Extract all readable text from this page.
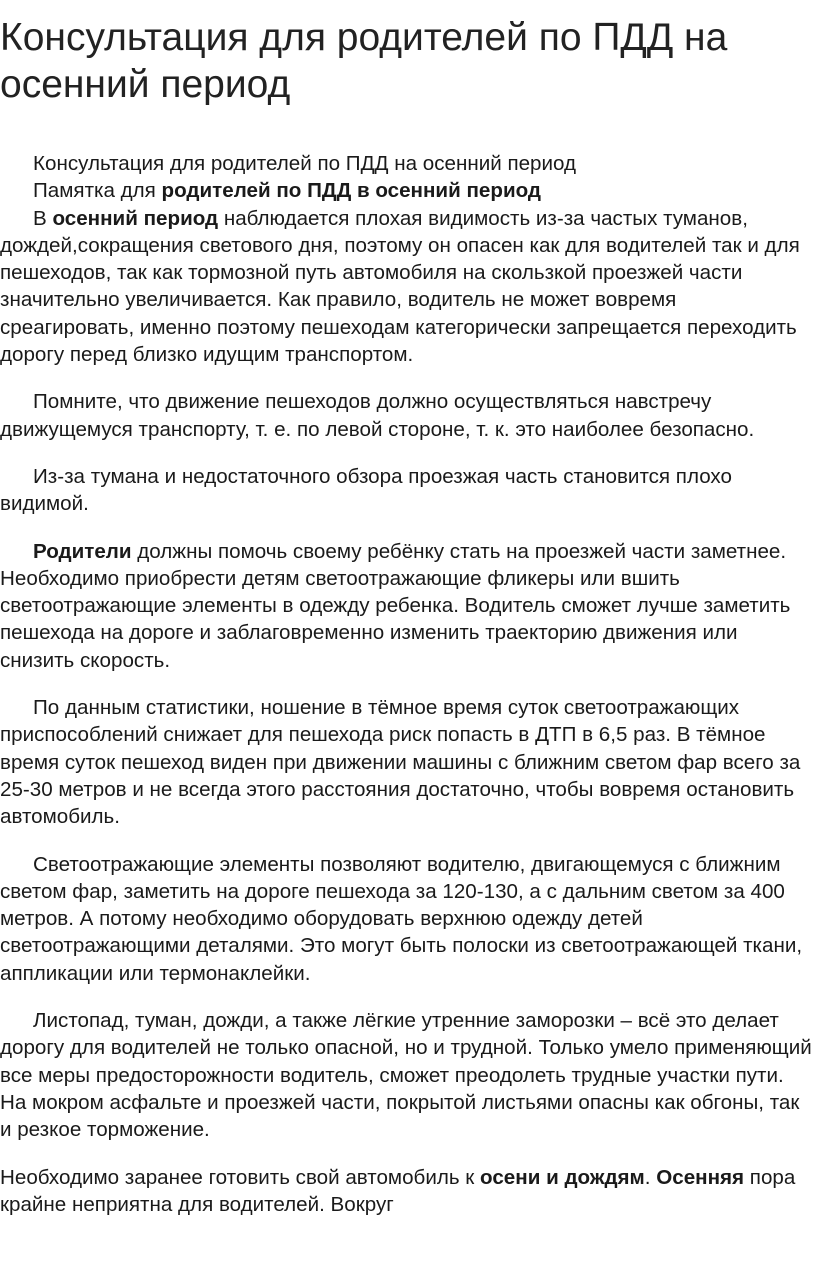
Консультация для родителей по ПДД на осенний период

Консультация для родителей по ПДД на осенний период

Памятка для родителей по ПДД в осенний период

В осенний период наблюдается плохая видимость из-за частых туманов, дождей,сокращения светового дня, поэтому он опасен как для водителей так и для пешеходов, так как тормозной путь автомобиля на скользкой проезжей части значительно увеличивается. Как правило, водитель не может вовремя среагировать, именно поэтому пешеходам категорически запрещается переходить дорогу перед близко идущим транспортом.

Помните, что движение пешеходов должно осуществляться навстречу движущемуся транспорту, т. е. по левой стороне, т. к. это наиболее безопасно.

Из-за тумана и недостаточного обзора проезжая часть становится плохо видимой.

Родители должны помочь своему ребёнку стать на проезжей части заметнее. Необходимо приобрести детям светоотражающие фликеры или вшить светоотражающие элементы в одежду ребенка. Водитель сможет лучше заметить пешехода на дороге и заблаговременно изменить траекторию движения или снизить скорость.

По данным статистики, ношение в тёмное время суток светоотражающих приспособлений снижает для пешехода риск попасть в ДТП в 6,5 раз. В тёмное время суток пешеход виден при движении машины с ближним светом фар всего за 25-30 метров и не всегда этого расстояния достаточно, чтобы вовремя остановить автомобиль.

Светоотражающие элементы позволяют водителю, двигающемуся с ближним светом фар, заметить на дороге пешехода за 120-130, а с дальним светом за 400 метров. А потому необходимо оборудовать верхнюю одежду детей светоотражающими деталями. Это могут быть полоски из светоотражающей ткани, аппликации или термонаклейки.

Листопад, туман, дожди, а также лёгкие утренние заморозки – всё это делает дорогу для водителей не только опасной, но и трудной. Только умело применяющий все меры предосторожности водитель, сможет преодолеть трудные участки пути. На мокром асфальте и проезжей части, покрытой листьями опасны как обгоны, так и резкое торможение.

Необходимо заранее готовить свой автомобиль к осени и дождям. Осенняя пора крайне неприятна для водителей. Вокруг
